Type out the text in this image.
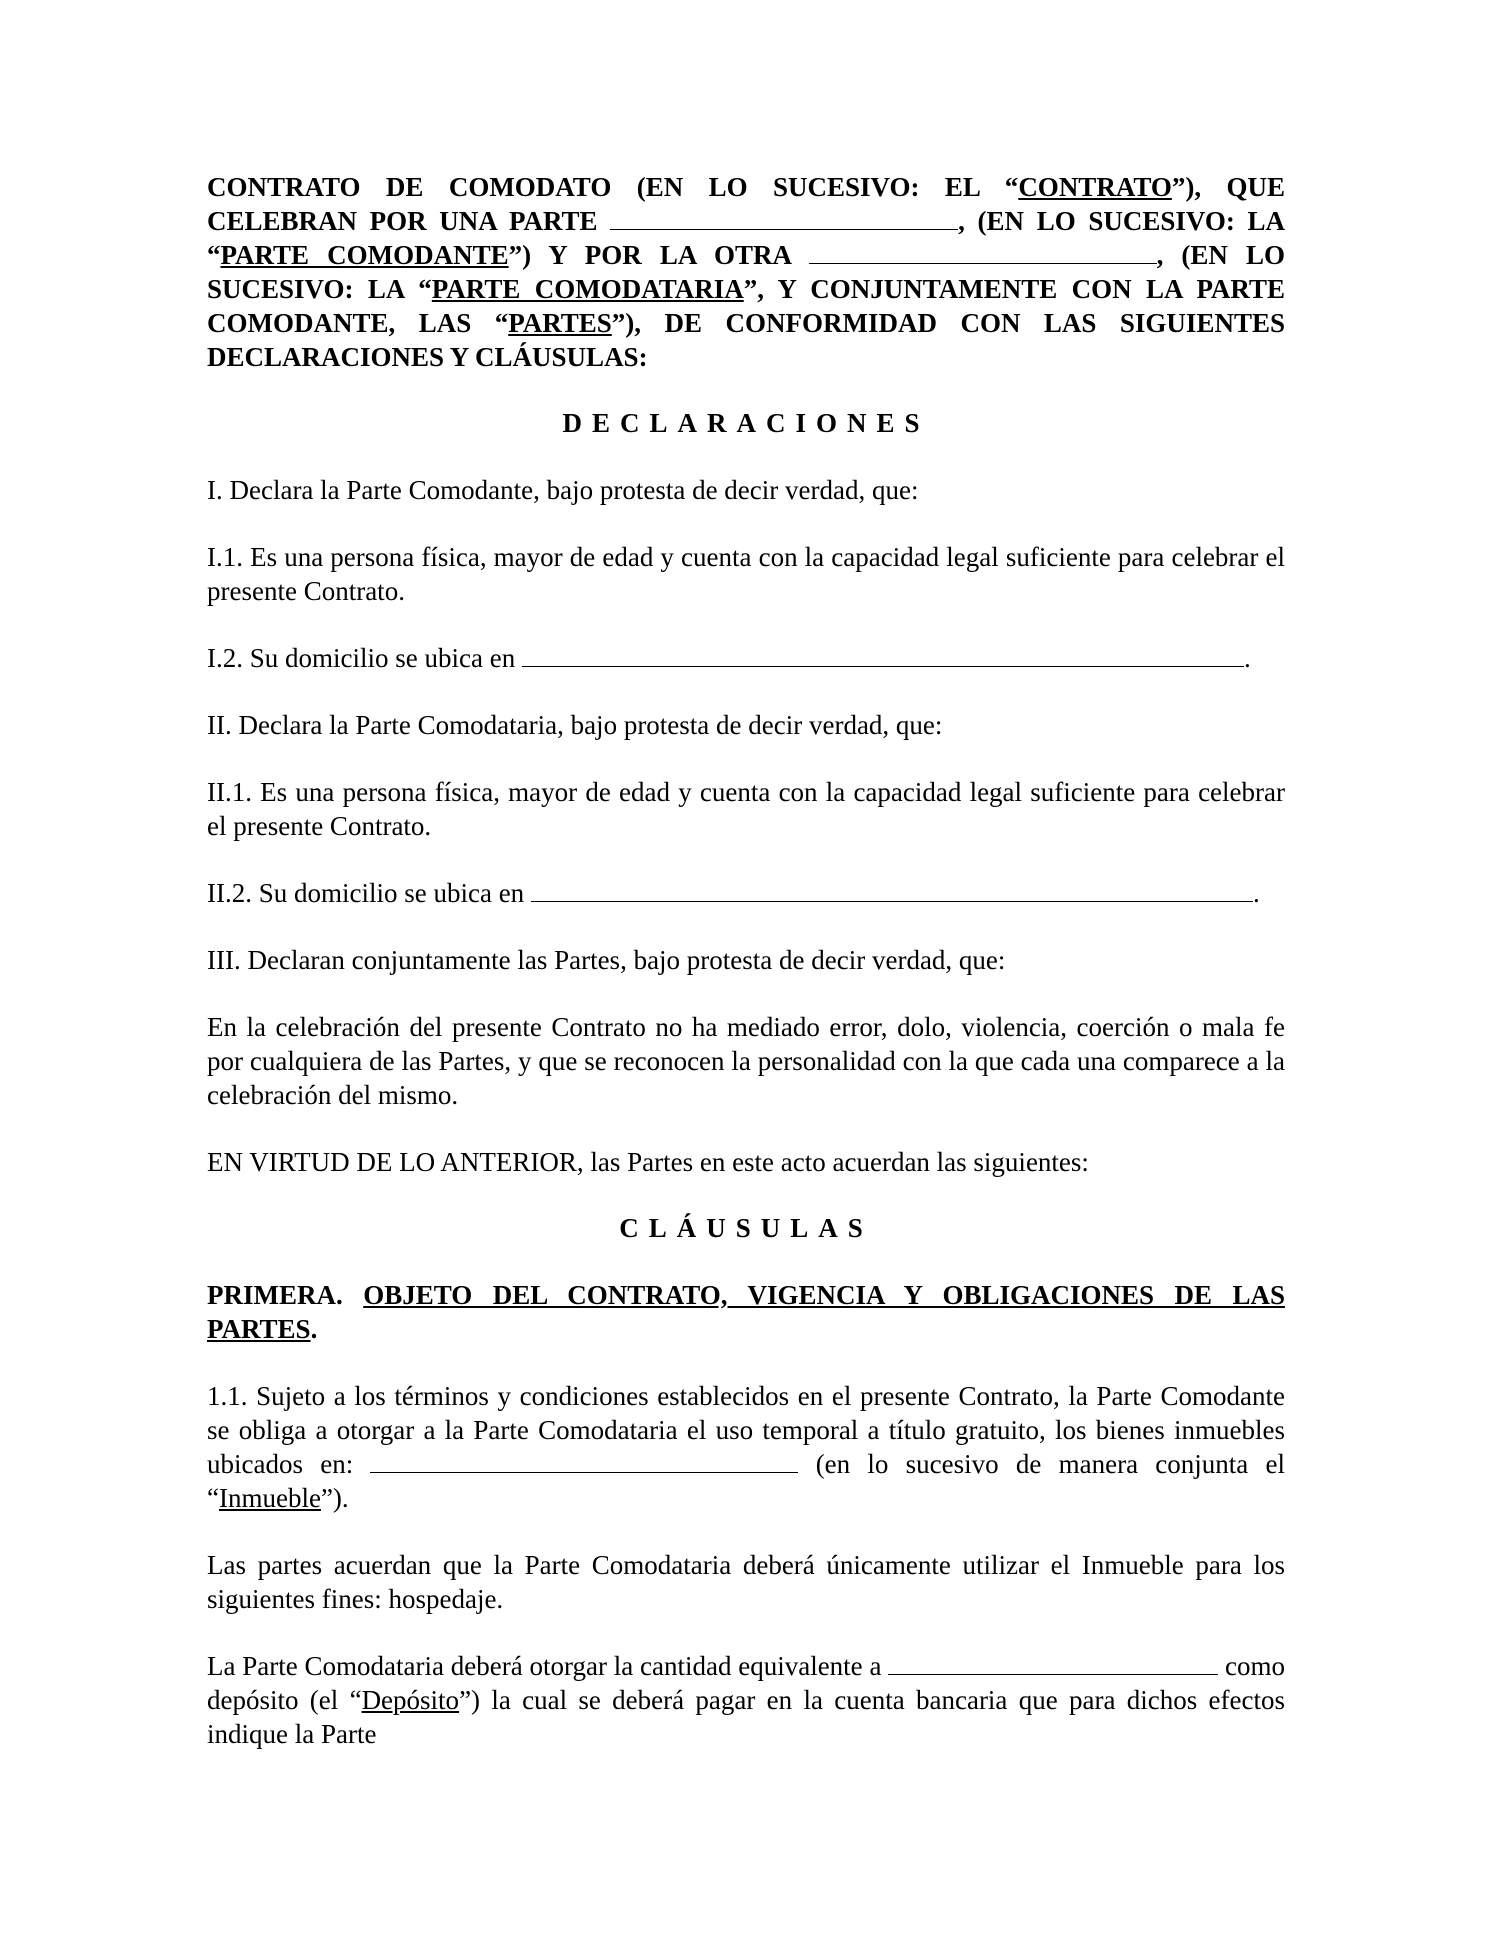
CONTRATO DE COMODATO (EN LO SUCESIVO: EL “CONTRATO”), QUE CELEBRAN POR UNA PARTE	, (EN LO SUCESIVO: LA “PARTE COMODANTE”) Y POR LA OTRA	, (EN LO SUCESIVO: LA “PARTE COMODATARIA”, Y CONJUNTAMENTE CON LA PARTE COMODANTE, LAS “PARTES”), DE CONFORMIDAD CON LAS SIGUIENTES DECLARACIONES Y CLÁUSULAS:

DECLARACIONES

I. Declara la Parte Comodante, bajo protesta de decir verdad, que:

I.1. Es una persona física, mayor de edad y cuenta con la capacidad legal suficiente para celebrar el presente Contrato.

I.2. Su domicilio se ubica en	.

II. Declara la Parte Comodataria, bajo protesta de decir verdad, que:

II.1. Es una persona física, mayor de edad y cuenta con la capacidad legal suficiente para celebrar el presente Contrato.

II.2. Su domicilio se ubica en	.

III. Declaran conjuntamente las Partes, bajo protesta de decir verdad, que:

En la celebración del presente Contrato no ha mediado error, dolo, violencia, coerción o mala fe por cualquiera de las Partes, y que se reconocen la personalidad con la que cada una comparece a la celebración del mismo.

EN VIRTUD DE LO ANTERIOR, las Partes en este acto acuerdan las siguientes:

CLÁUSULAS

PRIMERA. OBJETO DEL CONTRATO, VIGENCIA Y OBLIGACIONES DE LAS PARTES.

1.1. Sujeto a los términos y condiciones establecidos en el presente Contrato, la Parte Comodante se obliga a otorgar a la Parte Comodataria el uso temporal a título gratuito, los bienes inmuebles ubicados en:	(en lo sucesivo de manera conjunta el “Inmueble”).

Las partes acuerdan que la Parte Comodataria deberá únicamente utilizar el Inmueble para los siguientes fines: hospedaje.

La Parte Comodataria deberá otorgar la cantidad equivalente a	como depósito (el “Depósito”) la cual se deberá pagar en la cuenta bancaria que para dichos efectos indique la Parte
